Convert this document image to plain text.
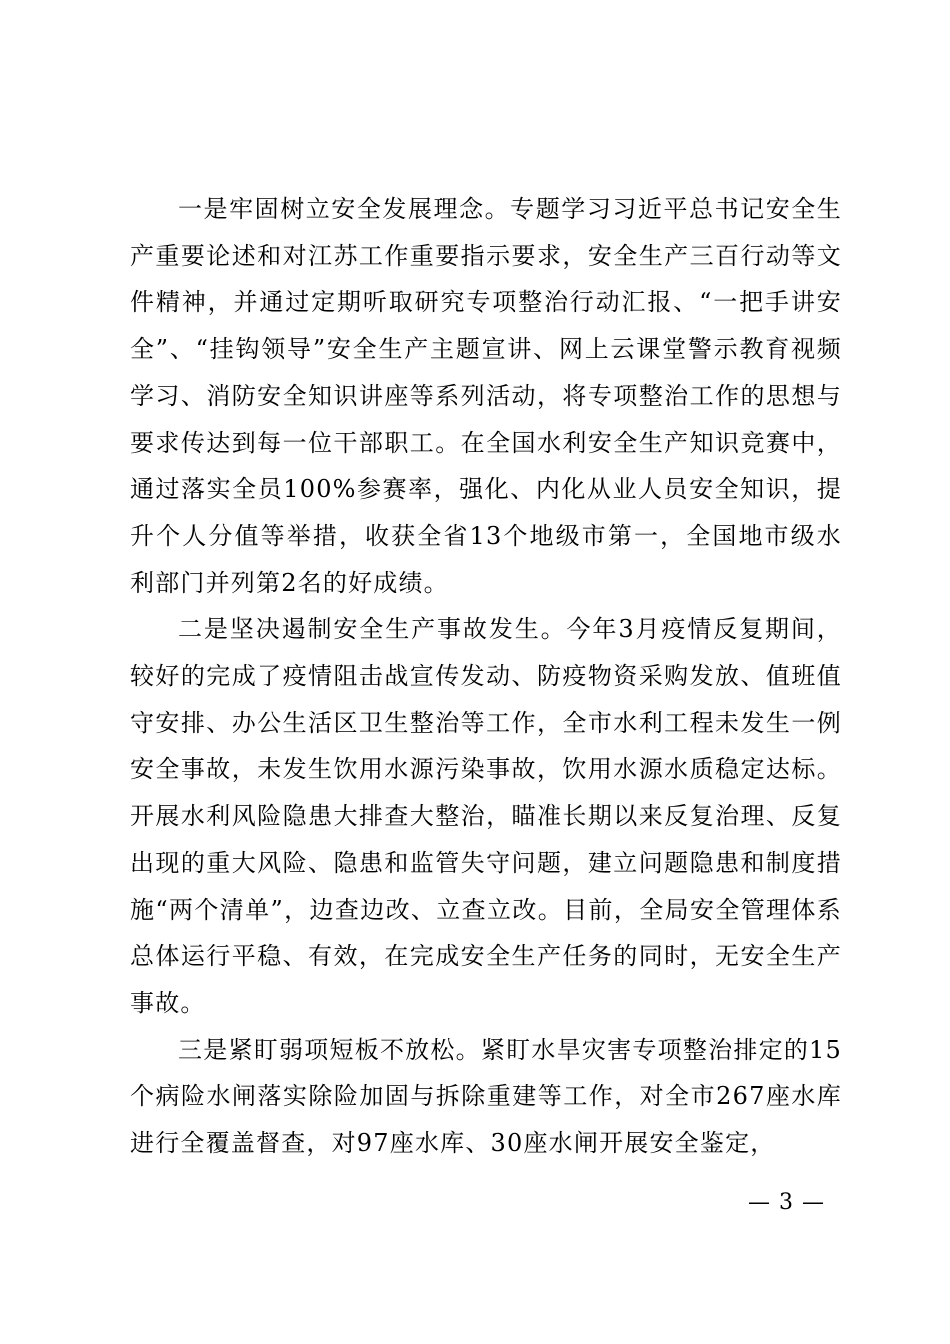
一是牢固树立安全发展理念。专题学习习近平总书记安全生产重要论述和对江苏工作重要指示要求，安全生产三百行动等文件精神，并通过定期听取研究专项整治行动汇报、“一把手讲安全”、“挂钩领导”安全生产主题宣讲、网上云课堂警示教育视频学习、消防安全知识讲座等系列活动，将专项整治工作的思想与要求传达到每一位干部职工。在全国水利安全生产知识竞赛中，通过落实全员100%参赛率，强化、内化从业人员安全知识，提升个人分值等举措，收获全省13个地级市第一，全国地市级水利部门并列第2名的好成绩。

二是坚决遏制安全生产事故发生。今年3月疫情反复期间，较好的完成了疫情阻击战宣传发动、防疫物资采购发放、值班值守安排、办公生活区卫生整治等工作，全市水利工程未发生一例安全事故，未发生饮用水源污染事故，饮用水源水质稳定达标。开展水利风险隐患大排查大整治，瞄准长期以来反复治理、反复出现的重大风险、隐患和监管失守问题，建立问题隐患和制度措施“两个清单”，边查边改、立查立改。目前，全局安全管理体系总体运行平稳、有效，在完成安全生产任务的同时，无安全生产事故。

三是紧盯弱项短板不放松。紧盯水旱灾害专项整治排定的15个病险水闸落实除险加固与拆除重建等工作，对全市267座水库进行全覆盖督查，对97座水库、30座水闸开展安全鉴定，

— 3 —
